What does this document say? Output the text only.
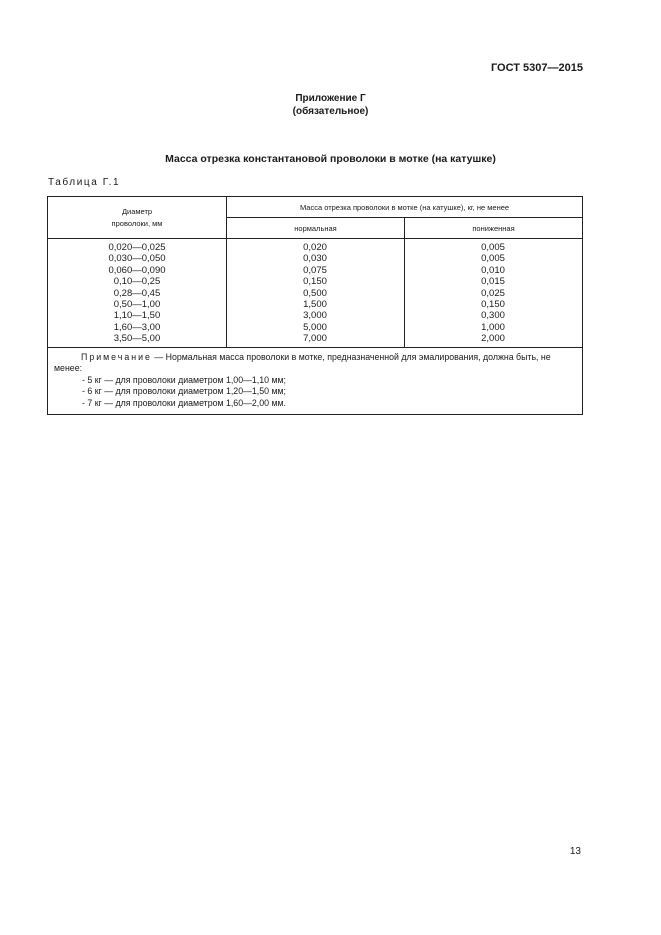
ГОСТ 5307—2015
Приложение Г
(обязательное)
Масса отрезка константановой проволоки в мотке (на катушке)
Таблица Г.1
Диаметр
проволоки, мм
Масса отрезка проволоки в мотке (на катушке), кг, не менее
нормальная	пониженная
0,020—0,025	0,020	0,005
0,030—0,050	0,030	0,005
0,060—0,090	0,075	0,010
0,10—0,25	0,150	0,015
0,28—0,45	0,500	0,025
0,50—1,00	1,500	0,150
1,10—1,50	3,000	0,300
1,60—3,00	5,000	1,000
3,50—5,00	7,000	2,000
Примечание — Нормальная масса проволоки в мотке, предназначенной для эмалирования, должна быть, не менее:
- 5 кг — для проволоки диаметром 1,00—1,10 мм;
- 6 кг — для проволоки диаметром 1,20—1,50 мм;
- 7 кг — для проволоки диаметром 1,60—2,00 мм.
13
